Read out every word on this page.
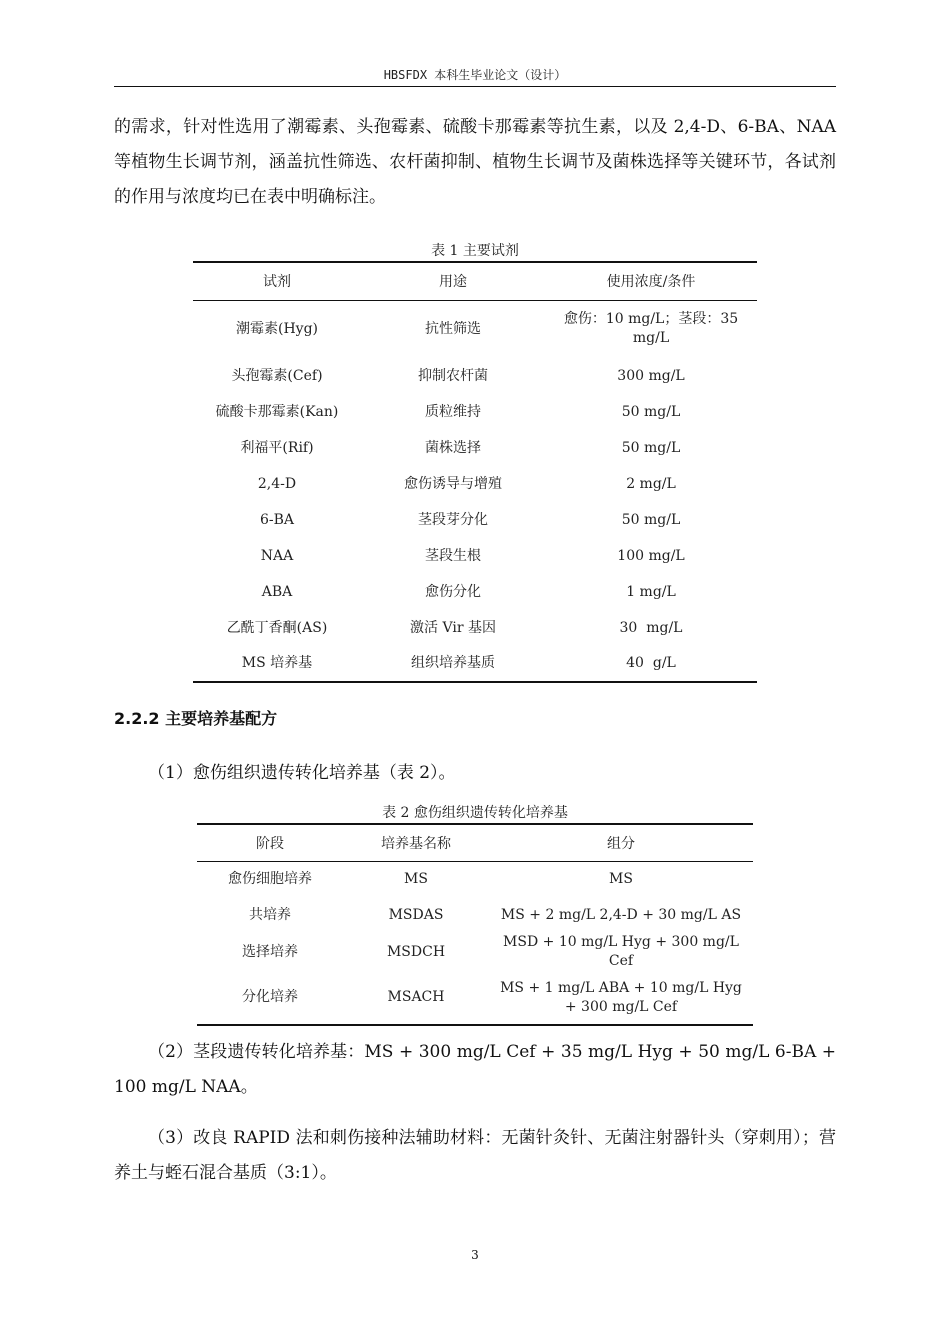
HBSFDX 本科生毕业论文（设计）
的需求，针对性选用了潮霉素、头孢霉素、硫酸卡那霉素等抗生素，以及 2,4-D、6-BA、NAA 等植物生长调节剂，涵盖抗性筛选、农杆菌抑制、植物生长调节及菌株选择等关键环节，各试剂的作用与浓度均已在表中明确标注。
表 1 主要试剂
试剂	用途	使用浓度/条件
潮霉素(Hyg)	抗性筛选	愈伤：10 mg/L；茎段：35 mg/L
头孢霉素(Cef)	抑制农杆菌	300 mg/L
硫酸卡那霉素(Kan)	质粒维持	50 mg/L
利福平(Rif)	菌株选择	50 mg/L
2,4-D	愈伤诱导与增殖	2 mg/L
6-BA	茎段芽分化	50 mg/L
NAA	茎段生根	100 mg/L
ABA	愈伤分化	1 mg/L
乙酰丁香酮(AS)	激活 Vir 基因	30  mg/L
MS 培养基	组织培养基质	40  g/L
2.2.2 主要培养基配方
（1）愈伤组织遗传转化培养基（表 2）。
表 2 愈伤组织遗传转化培养基
阶段	培养基名称	组分
愈伤细胞培养	MS	MS
共培养	MSDAS	MS + 2 mg/L 2,4-D + 30 mg/L AS
选择培养	MSDCH	MSD + 10 mg/L Hyg + 300 mg/L Cef
分化培养	MSACH	MS + 1 mg/L ABA + 10 mg/L Hyg + 300 mg/L Cef
（2）茎段遗传转化培养基：MS + 300 mg/L Cef + 35 mg/L Hyg + 50 mg/L 6-BA + 100 mg/L NAA。
（3）改良 RAPID 法和刺伤接种法辅助材料：无菌针灸针、无菌注射器针头（穿刺用）；营养土与蛭石混合基质（3:1）。
3
